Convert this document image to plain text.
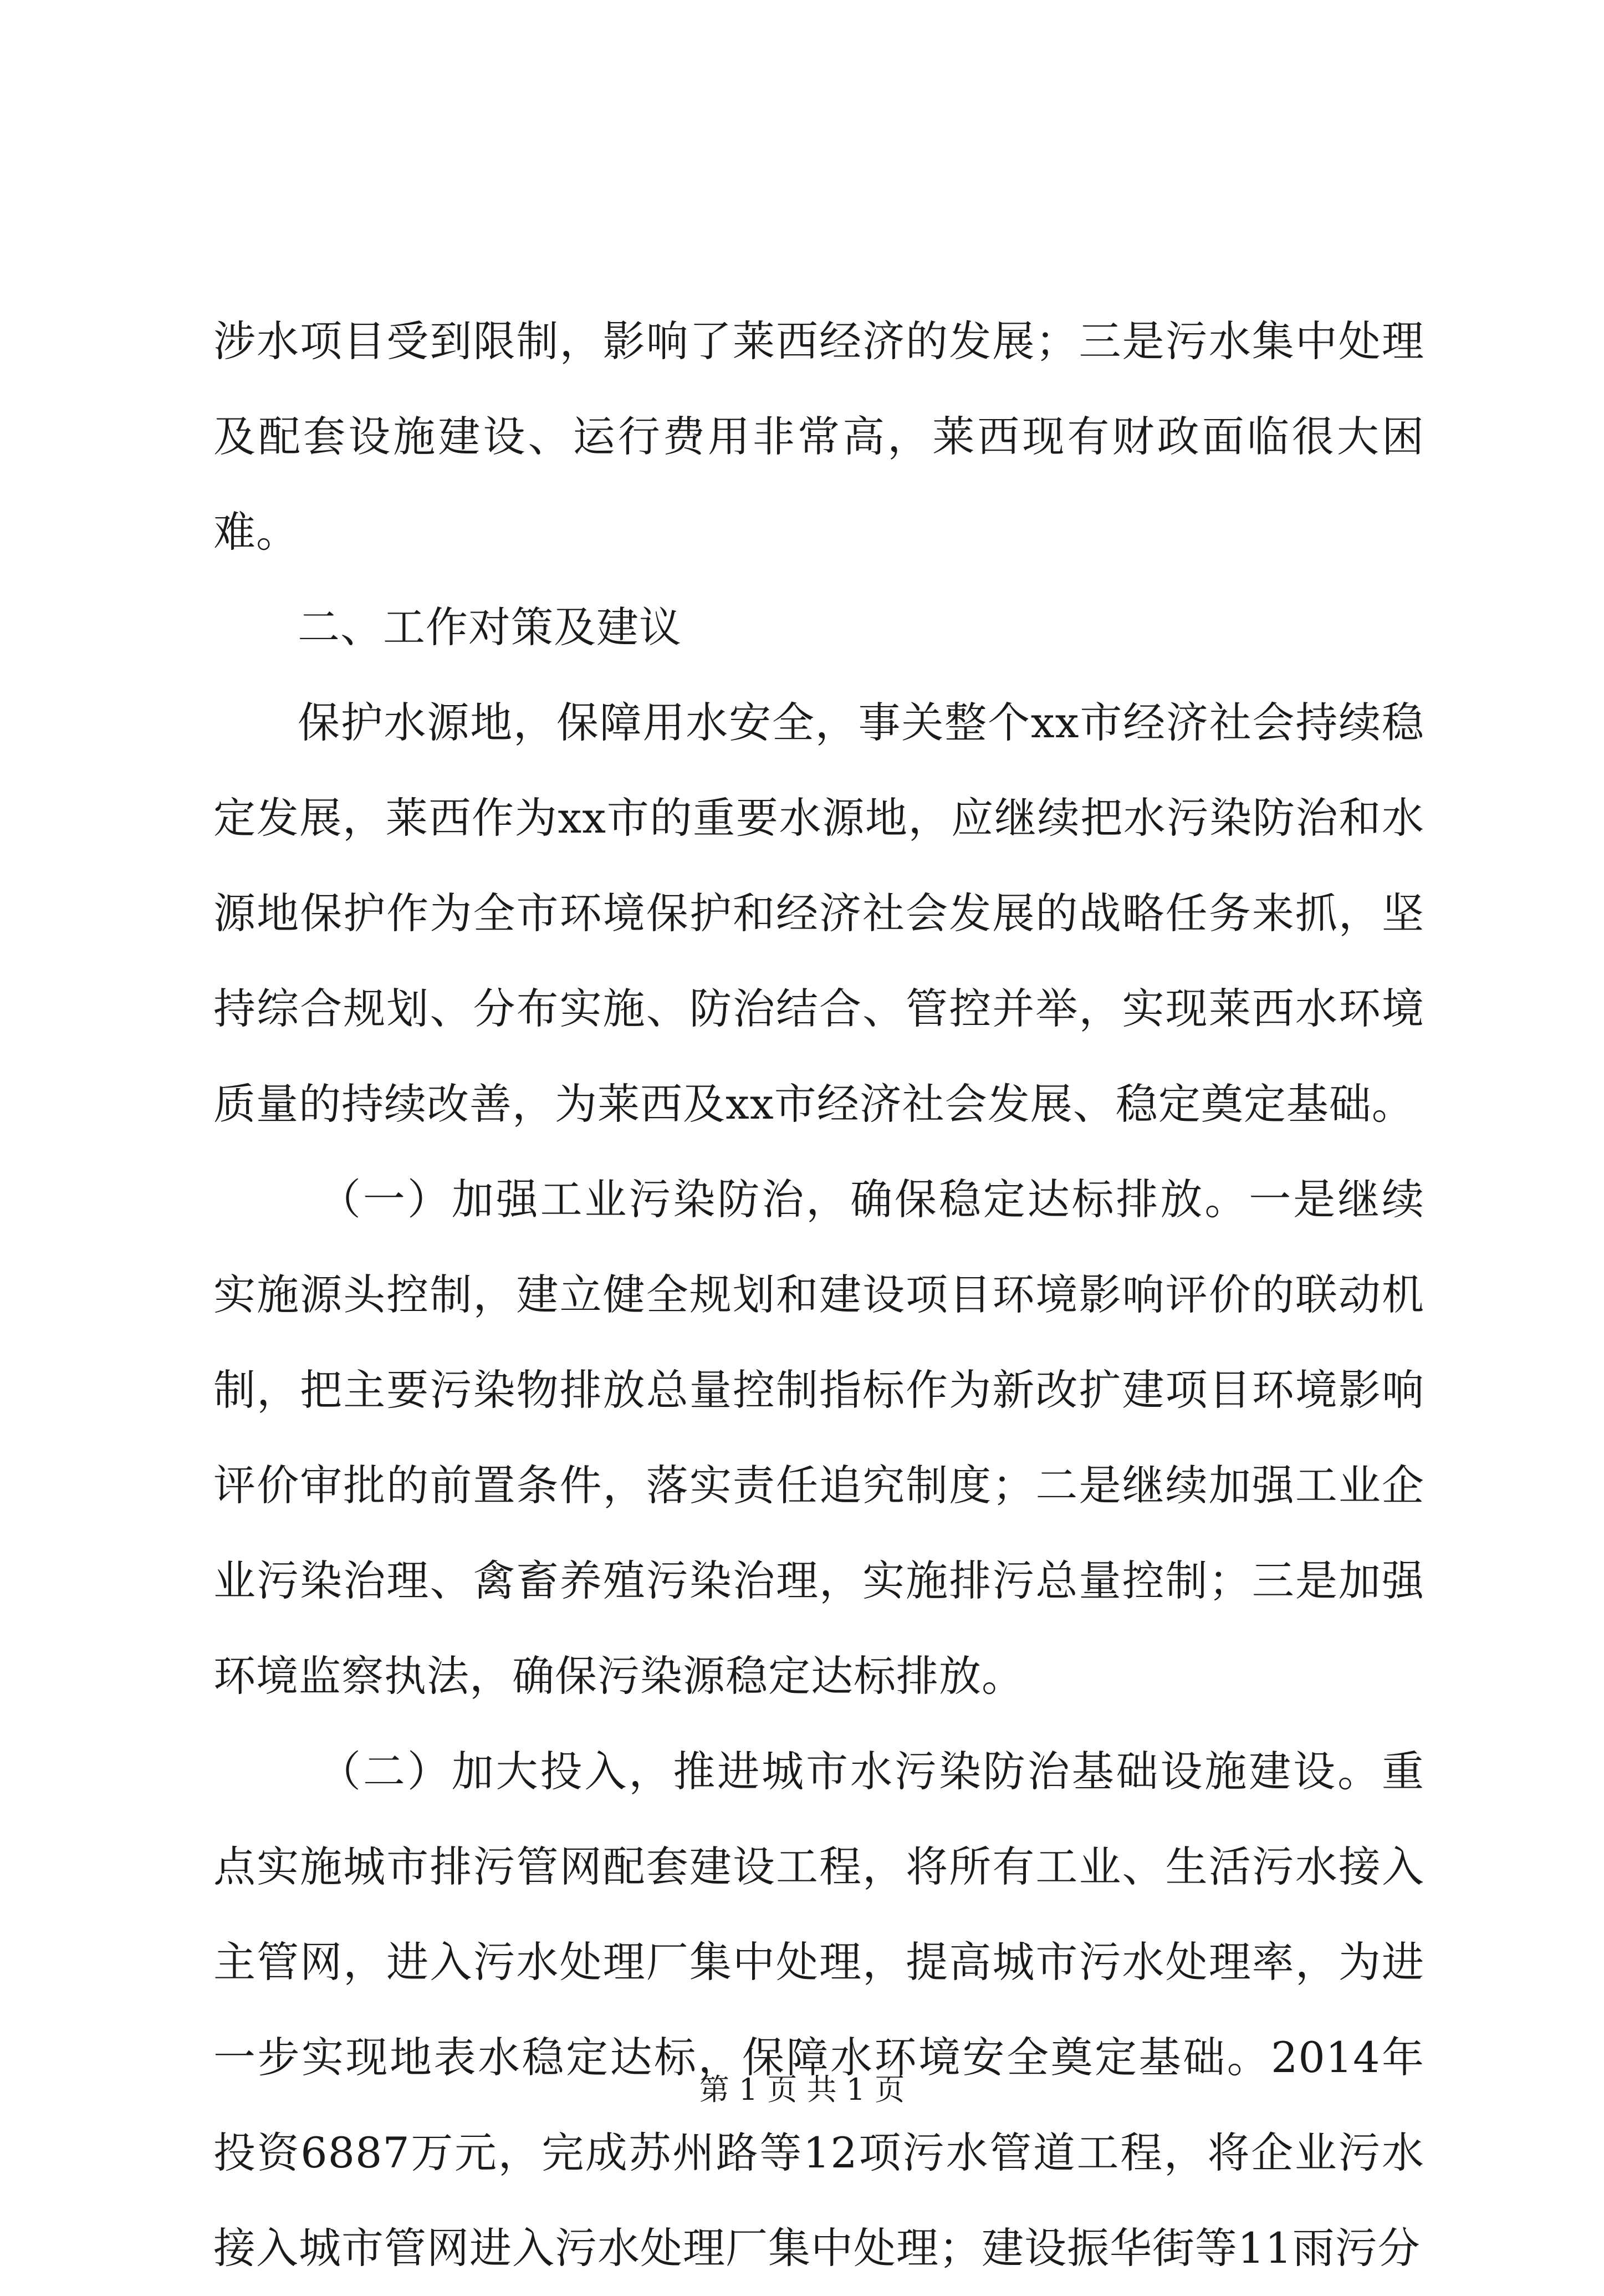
涉水项目受到限制，影响了莱西经济的发展；三是污水集中处理及配套设施建设、运行费用非常高，莱西现有财政面临很大困难。

二、工作对策及建议

保护水源地，保障用水安全，事关整个xx市经济社会持续稳定发展，莱西作为xx市的重要水源地，应继续把水污染防治和水源地保护作为全市环境保护和经济社会发展的战略任务来抓，坚持综合规划、分布实施、防治结合、管控并举，实现莱西水环境质量的持续改善，为莱西及xx市经济社会发展、稳定奠定基础。

（一）加强工业污染防治，确保稳定达标排放。一是继续实施源头控制，建立健全规划和建设项目环境影响评价的联动机制，把主要污染物排放总量控制指标作为新改扩建项目环境影响评价审批的前置条件，落实责任追究制度；二是继续加强工业企业污染治理、禽畜养殖污染治理，实施排污总量控制；三是加强环境监察执法，确保污染源稳定达标排放。

（二）加大投入，推进城市水污染防治基础设施建设。重点实施城市排污管网配套建设工程，将所有工业、生活污水接入主管网，进入污水处理厂集中处理，提高城市污水处理率，为进一步实现地表水稳定达标，保障水环境安全奠定基础。2014年投资6887万元，完成苏州路等12项污水管道工程，将企业污水接入城市管网进入污水处理厂集中处理；建设振华街等11雨污分

第 1 页 共 1 页
